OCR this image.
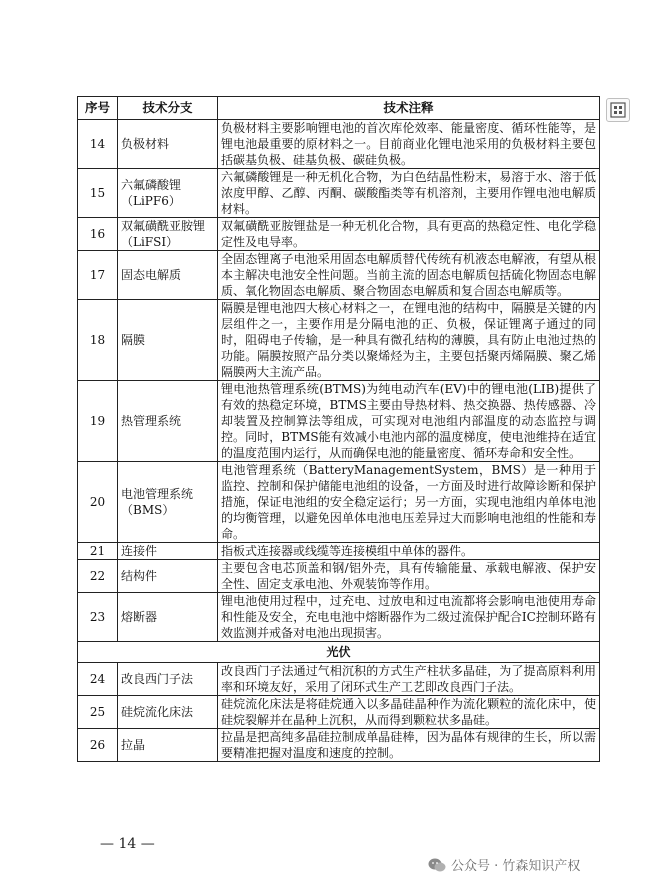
序号	技术分支	技术注释
14	负极材料	负极材料主要影响锂电池的首次库伦效率、能量密度、循环性能等，是锂电池最重要的原材料之一。目前商业化锂电池采用的负极材料主要包括碳基负极、硅基负极、碳硅负极。
15	六氟磷酸锂（LiPF6）	六氟磷酸锂是一种无机化合物，为白色结晶性粉末，易溶于水、溶于低浓度甲醇、乙醇、丙酮、碳酸酯类等有机溶剂，主要用作锂电池电解质材料。
16	双氟磺酰亚胺锂（LiFSI）	双氟磺酰亚胺锂盐是一种无机化合物，具有更高的热稳定性、电化学稳定性及电导率。
17	固态电解质	全固态锂离子电池采用固态电解质替代传统有机液态电解液，有望从根本主解决电池安全性问题。当前主流的固态电解质包括硫化物固态电解质、氧化物固态电解质、聚合物固态电解质和复合固态电解质等。
18	隔膜	隔膜是锂电池四大核心材料之一，在锂电池的结构中，隔膜是关键的内层组件之一，主要作用是分隔电池的正、负极，保证锂离子通过的同时，阻碍电子传输，是一种具有微孔结构的薄膜，具有防止电池过热的功能。隔膜按照产品分类以聚烯烃为主，主要包括聚丙烯隔膜、聚乙烯隔膜两大主流产品。
19	热管理系统	锂电池热管理系统(BTMS)为纯电动汽车(EV)中的锂电池(LIB)提供了有效的热稳定环境，BTMS主要由导热材料、热交换器、热传感器、冷却装置及控制算法等组成，可实现对电池组内部温度的动态监控与调控。同时，BTMS能有效减小电池内部的温度梯度，使电池维持在适宜的温度范围内运行，从而确保电池的能量密度、循环寿命和安全性。
20	电池管理系统（BMS）	电池管理系统（BatteryManagementSystem，BMS）是一种用于监控、控制和保护储能电池组的设备，一方面及时进行故障诊断和保护措施，保证电池组的安全稳定运行；另一方面，实现电池组内单体电池的均衡管理，以避免因单体电池电压差异过大而影响电池组的性能和寿命。
21	连接件	指板式连接器或线缆等连接模组中单体的器件。
22	结构件	主要包含电芯顶盖和钢/铝外壳，具有传输能量、承载电解液、保护安全性、固定支承电池、外观装饰等作用。
23	熔断器	锂电池使用过程中，过充电、过放电和过电流都将会影响电池使用寿命和性能及安全，充电电池中熔断器作为二级过流保护配合IC控制环路有效监测并戒备对电池出现损害。
光伏		
24	改良西门子法	改良西门子法通过气相沉积的方式生产柱状多晶硅，为了提高原料利用率和环境友好，采用了闭环式生产工艺即改良西门子法。
25	硅烷流化床法	硅烷流化床法是将硅烷通入以多晶硅晶种作为流化颗粒的流化床中，使硅烷裂解并在晶种上沉积，从而得到颗粒状多晶硅。
26	拉晶	拉晶是把高纯多晶硅拉制成单晶硅棒，因为晶体有规律的生长，所以需要精准把握对温度和速度的控制。
— 14 —
公众号 · 竹森知识产权
